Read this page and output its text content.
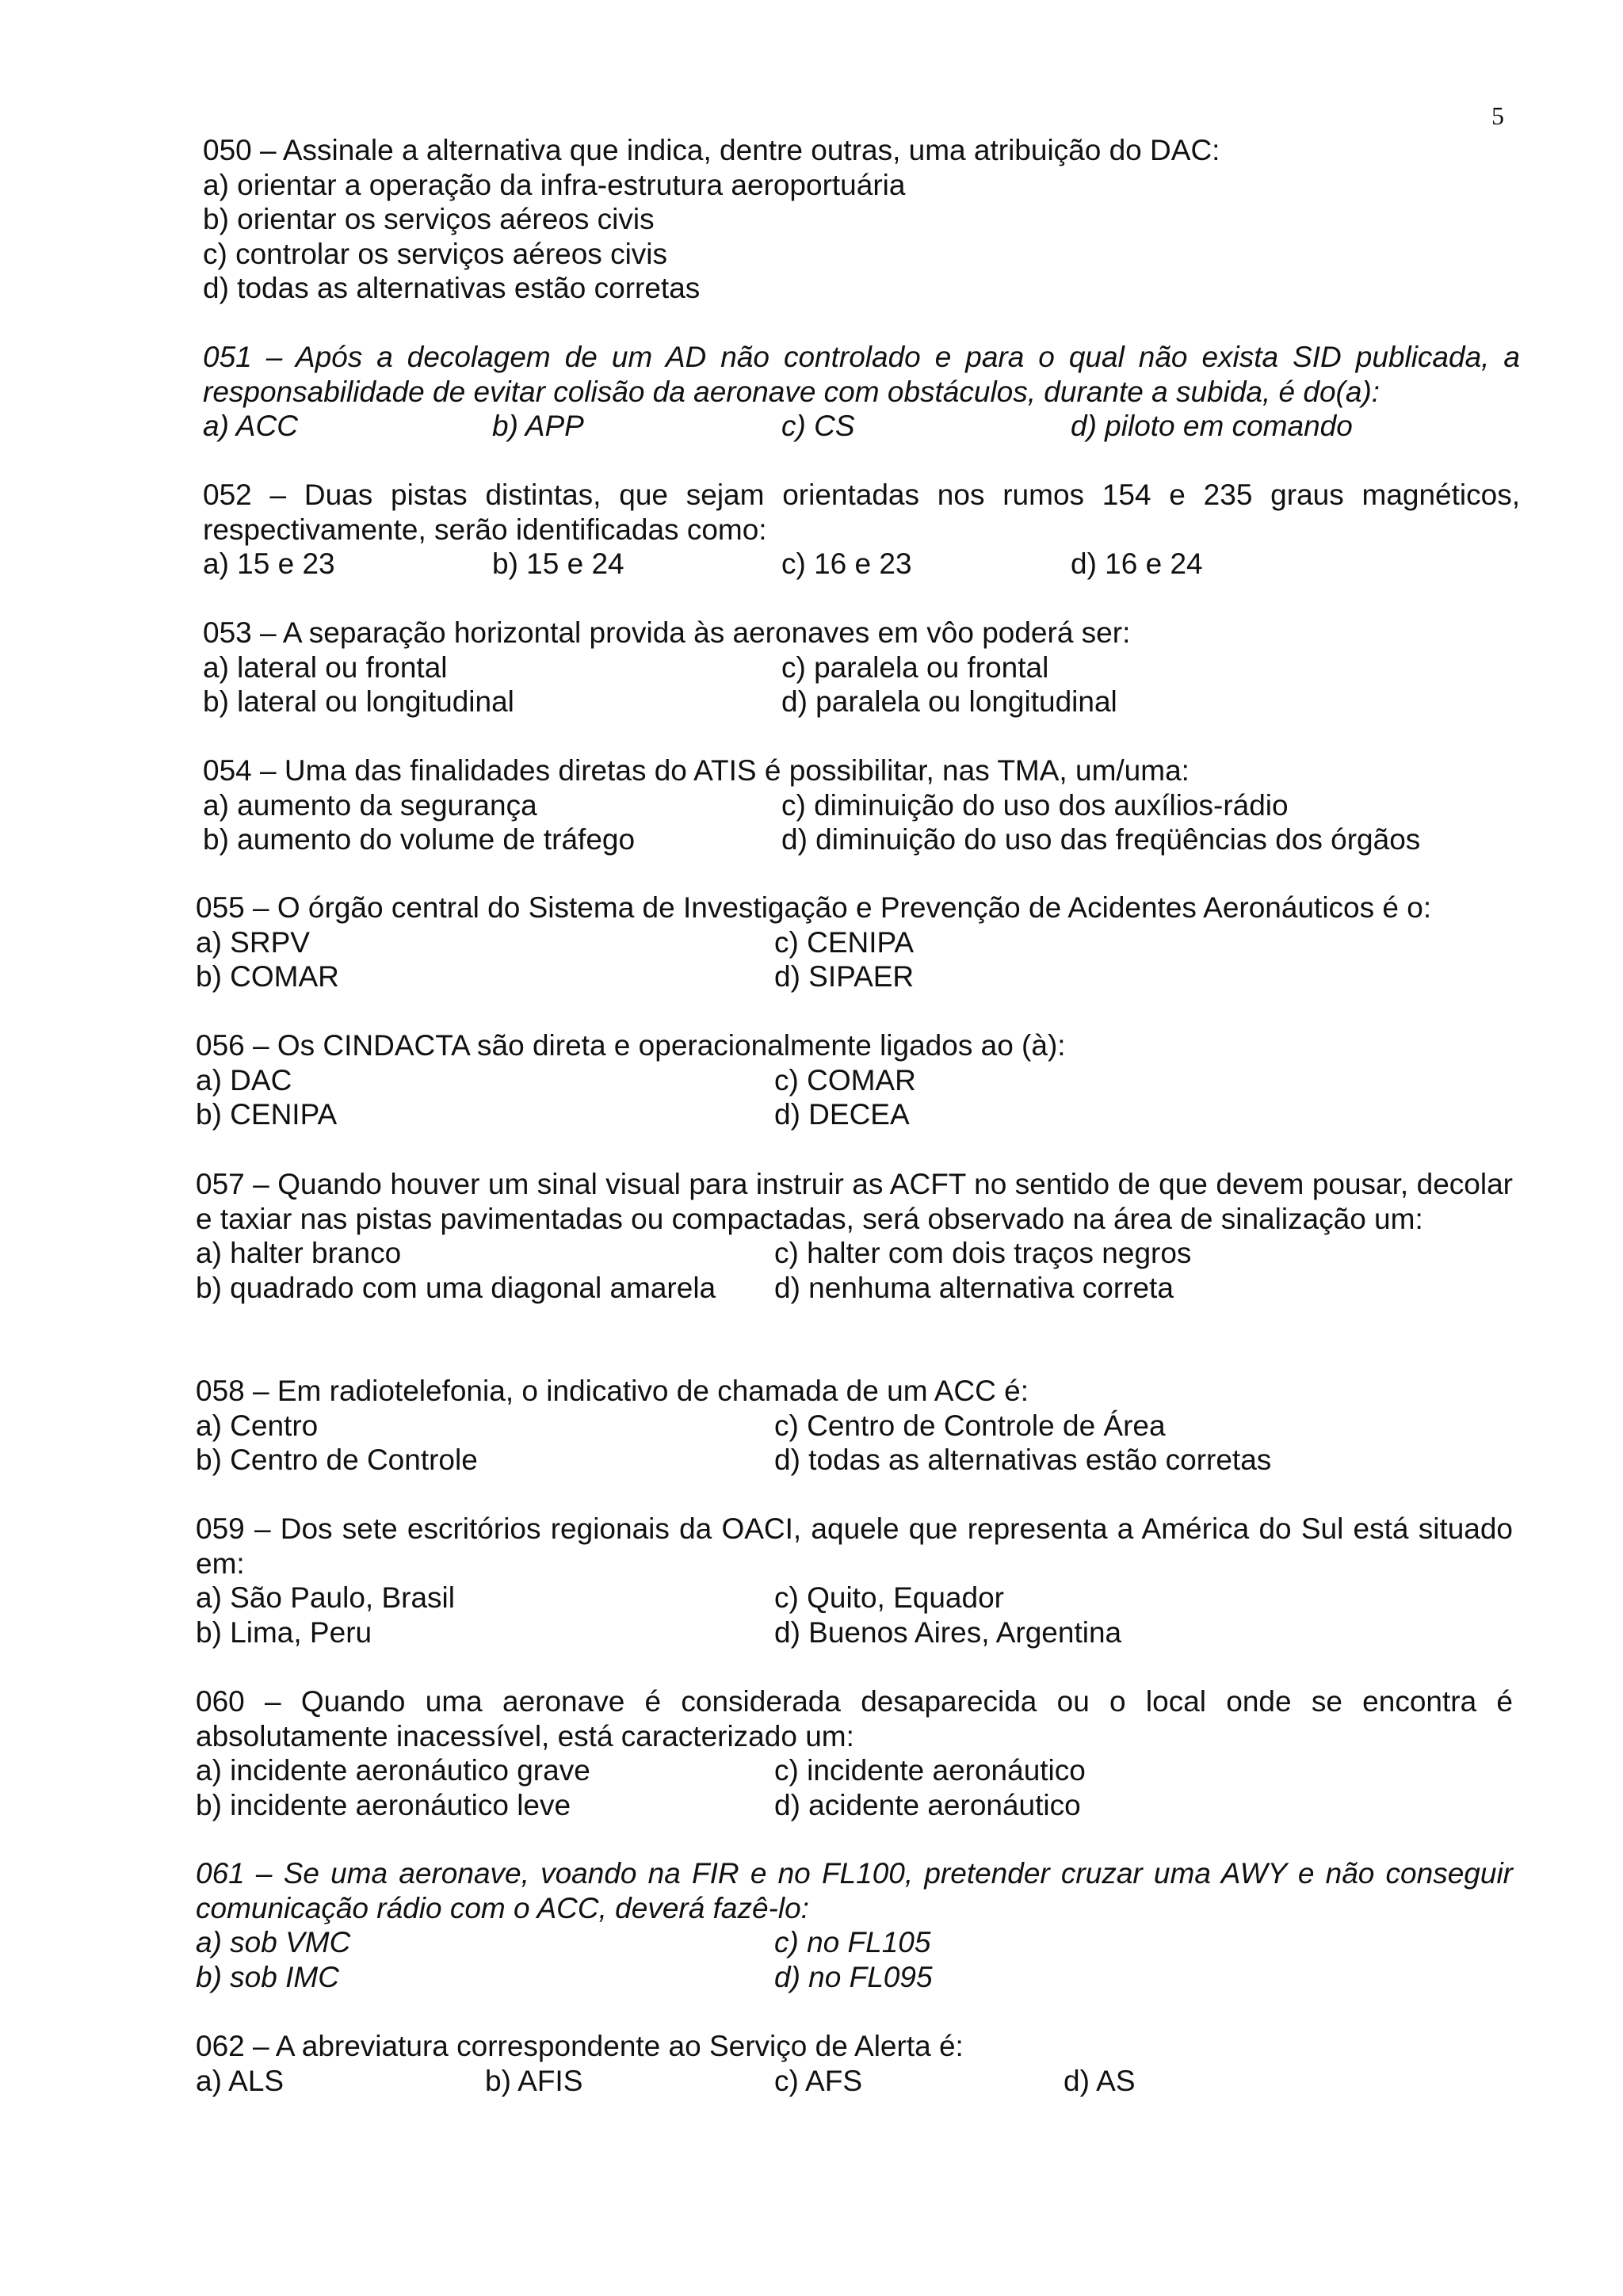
5

050 – Assinale a alternativa que indica, dentre outras, uma atribuição do DAC:

a) orientar a operação da infra-estrutura aeroportuária
b) orientar os serviços aéreos civis
c) controlar os serviços aéreos civis
d) todas as alternativas estão corretas

051 – Após a decolagem de um AD não controlado e para o qual não exista SID publicada, a responsabilidade de evitar colisão da aeronave com obstáculos, durante a subida, é do(a):

a) ACC	b) APP	c) CS	d) piloto em comando

052 – Duas pistas distintas, que sejam orientadas nos rumos 154 e 235 graus magnéticos, respectivamente, serão identificadas como:

a) 15 e 23	b) 15 e 24	c) 16 e 23	d) 16 e 24

053 – A separação horizontal provida às aeronaves em vôo poderá ser:

a) lateral ou frontal	c) paralela ou frontal
b) lateral ou longitudinal	d) paralela ou longitudinal

054 – Uma das finalidades diretas do ATIS é possibilitar, nas TMA, um/uma:

a) aumento da segurança	c) diminuição do uso dos auxílios-rádio
b) aumento do volume de tráfego	d) diminuição do uso das freqüências dos órgãos

055 – O órgão central do Sistema de Investigação e Prevenção de Acidentes Aeronáuticos é o:

a) SRPV	c) CENIPA
b) COMAR	d) SIPAER

056 – Os CINDACTA são direta e operacionalmente ligados ao (à):

a) DAC	c) COMAR
b) CENIPA	d) DECEA

057 – Quando houver um sinal visual para instruir as ACFT no sentido de que devem pousar, decolar e taxiar nas pistas pavimentadas ou compactadas, será observado na área de sinalização um:

a) halter branco	c) halter com dois traços negros
b) quadrado com uma diagonal amarela	d) nenhuma alternativa correta

058 – Em radiotelefonia, o indicativo de chamada de um ACC é:

a) Centro	c) Centro de Controle de Área
b) Centro de Controle	d) todas as alternativas estão corretas

059 – Dos sete escritórios regionais da OACI, aquele que representa a América do Sul está situado em:

a) São Paulo, Brasil	c) Quito, Equador
b) Lima, Peru	d) Buenos Aires, Argentina

060 – Quando uma aeronave é considerada desaparecida ou o local onde se encontra é absolutamente inacessível, está caracterizado um:

a) incidente aeronáutico grave	c) incidente aeronáutico
b) incidente aeronáutico leve	d) acidente aeronáutico

061 – Se uma aeronave, voando na FIR e no FL100, pretender cruzar uma AWY e não conseguir comunicação rádio com o ACC, deverá fazê-lo:

a) sob VMC	c) no FL105
b) sob IMC	d) no FL095

062 – A abreviatura correspondente ao Serviço de Alerta é:

a) ALS	b) AFIS	c) AFS	d) AS
